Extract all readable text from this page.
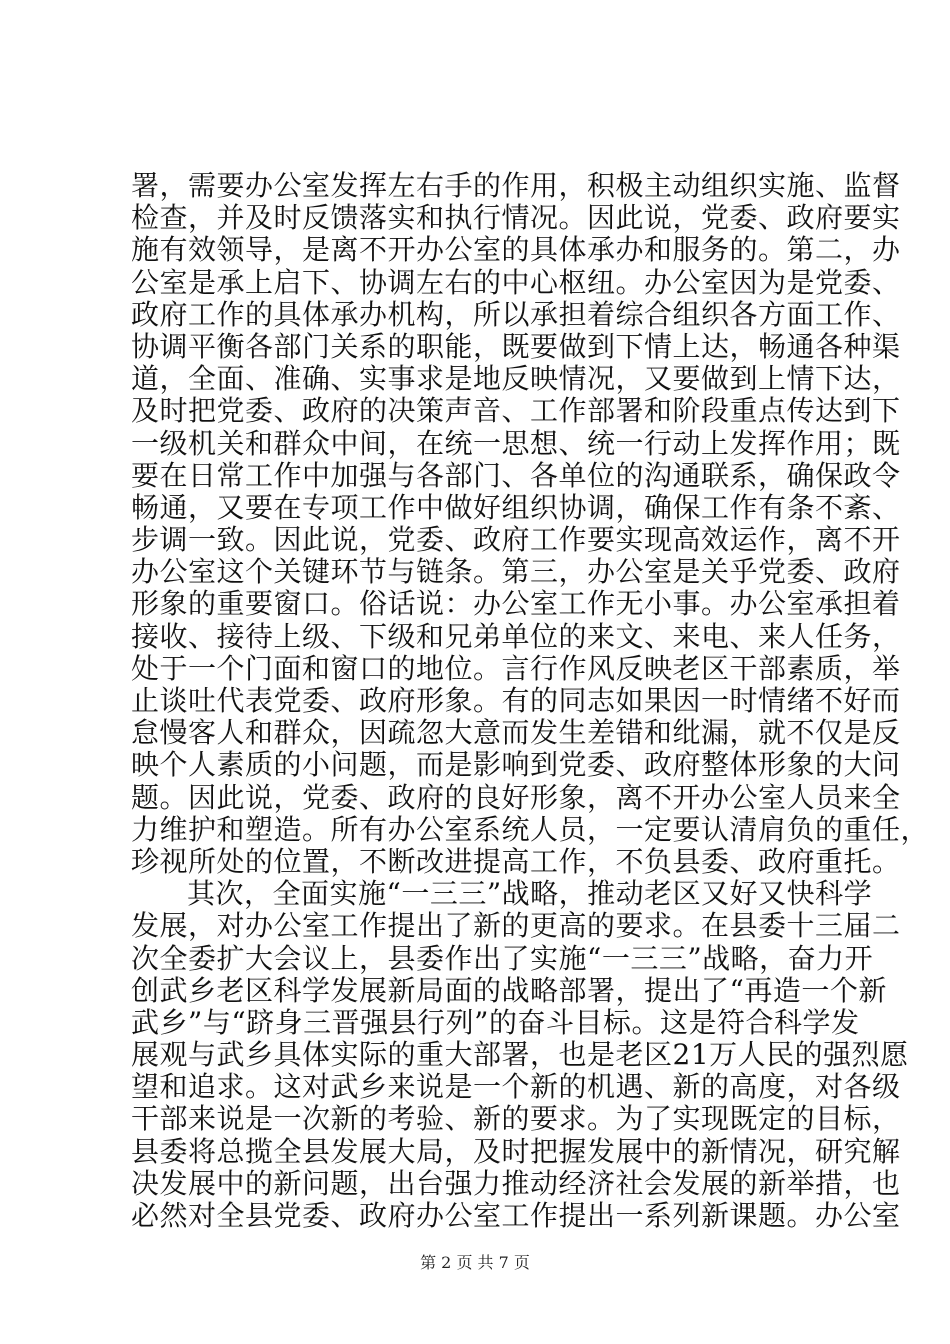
署，需要办公室发挥左右手的作用，积极主动组织实施、监督
检查，并及时反馈落实和执行情况。因此说，党委、政府要实
施有效领导，是离不开办公室的具体承办和服务的。第二，办
公室是承上启下、协调左右的中心枢纽。办公室因为是党委、
政府工作的具体承办机构，所以承担着综合组织各方面工作、
协调平衡各部门关系的职能，既要做到下情上达，畅通各种渠
道，全面、准确、实事求是地反映情况，又要做到上情下达，
及时把党委、政府的决策声音、工作部署和阶段重点传达到下
一级机关和群众中间，在统一思想、统一行动上发挥作用；既
要在日常工作中加强与各部门、各单位的沟通联系，确保政令
畅通，又要在专项工作中做好组织协调，确保工作有条不紊、
步调一致。因此说，党委、政府工作要实现高效运作，离不开
办公室这个关键环节与链条。第三，办公室是关乎党委、政府
形象的重要窗口。俗话说：办公室工作无小事。办公室承担着
接收、接待上级、下级和兄弟单位的来文、来电、来人任务，
处于一个门面和窗口的地位。言行作风反映老区干部素质，举
止谈吐代表党委、政府形象。有的同志如果因一时情绪不好而
怠慢客人和群众，因疏忽大意而发生差错和纰漏，就不仅是反
映个人素质的小问题，而是影响到党委、政府整体形象的大问
题。因此说，党委、政府的良好形象，离不开办公室人员来全
力维护和塑造。所有办公室系统人员，一定要认清肩负的重任，
珍视所处的位置，不断改进提高工作，不负县委、政府重托。
其次，全面实施“一三三”战略，推动老区又好又快科学
发展，对办公室工作提出了新的更高的要求。在县委十三届二
次全委扩大会议上，县委作出了实施“一三三”战略，奋力开
创武乡老区科学发展新局面的战略部署，提出了“再造一个新
武乡”与“跻身三晋强县行列”的奋斗目标。这是符合科学发
展观与武乡具体实际的重大部署，也是老区21万人民的强烈愿
望和追求。这对武乡来说是一个新的机遇、新的高度，对各级
干部来说是一次新的考验、新的要求。为了实现既定的目标，
县委将总揽全县发展大局，及时把握发展中的新情况，研究解
决发展中的新问题，出台强力推动经济社会发展的新举措，也
必然对全县党委、政府办公室工作提出一系列新课题。办公室
第 2 页 共 7 页
